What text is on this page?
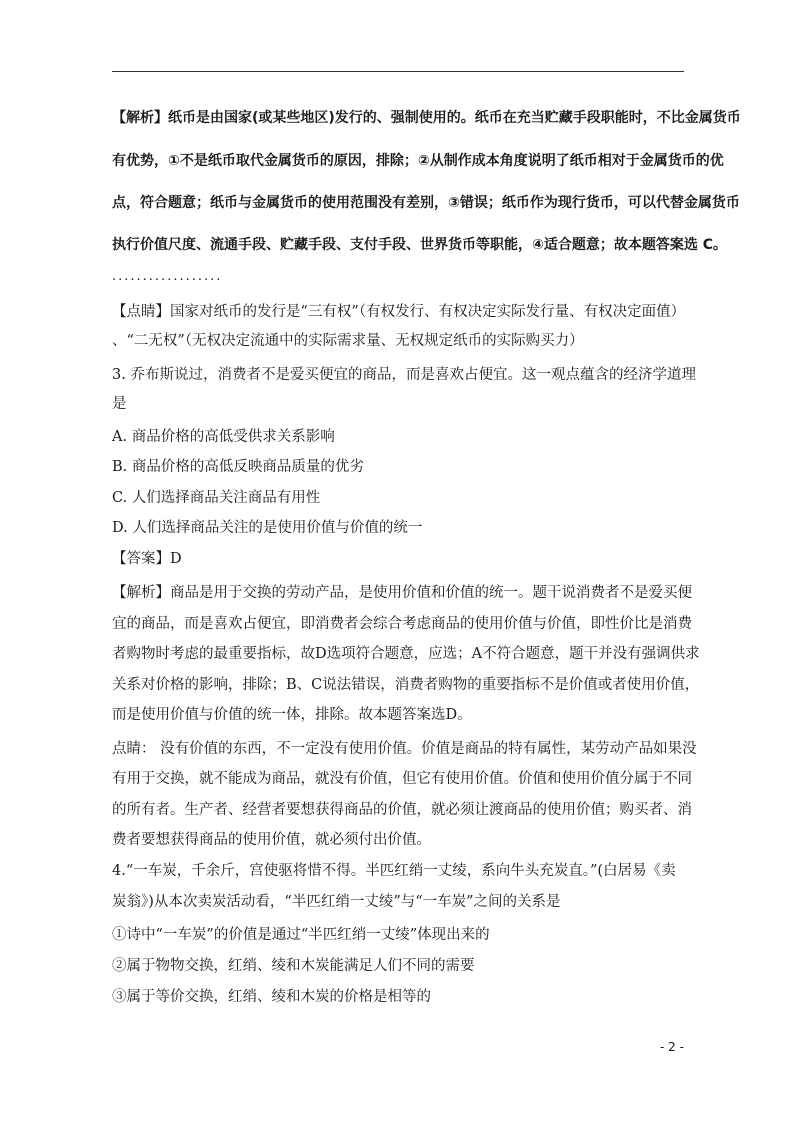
【解析】纸币是由国家(或某些地区)发行的、强制使用的。纸币在充当贮藏手段职能时，不比金属货币
有优势，①不是纸币取代金属货币的原因，排除；②从制作成本角度说明了纸币相对于金属货币的优
点，符合题意；纸币与金属货币的使用范围没有差别，③错误；纸币作为现行货币，可以代替金属货币
执行价值尺度、流通手段、贮藏手段、支付手段、世界货币等职能，④适合题意；故本题答案选 C。
..................
【点睛】国家对纸币的发行是“三有权”（有权发行、有权决定实际发行量、有权决定面值）
、“二无权”（无权决定流通中的实际需求量、无权规定纸币的实际购买力）
3. 乔布斯说过，消费者不是爱买便宜的商品，而是喜欢占便宜。这一观点蕴含的经济学道理
是
A. 商品价格的高低受供求关系影响
B. 商品价格的高低反映商品质量的优劣
C. 人们选择商品关注商品有用性
D. 人们选择商品关注的是使用价值与价值的统一
【答案】D
【解析】商品是用于交换的劳动产品，是使用价值和价值的统一。题干说消费者不是爱买便
宜的商品，而是喜欢占便宜，即消费者会综合考虑商品的使用价值与价值，即性价比是消费
者购物时考虑的最重要指标，故D选项符合题意，应选；A不符合题意，题干并没有强调供求
关系对价格的影响，排除；B、C说法错误，消费者购物的重要指标不是价值或者使用价值，
而是使用价值与价值的统一体，排除。故本题答案选D。
点睛： 没有价值的东西，不一定没有使用价值。价值是商品的特有属性，某劳动产品如果没
有用于交换，就不能成为商品，就没有价值，但它有使用价值。价值和使用价值分属于不同
的所有者。生产者、经营者要想获得商品的价值，就必须让渡商品的使用价值；购买者、消
费者要想获得商品的使用价值，就必须付出价值。
4.“一车炭，千余斤，宫使驱将惜不得。半匹红绡一丈绫，系向牛头充炭直。”(白居易《卖
炭翁》)从本次卖炭活动看，“半匹红绡一丈绫”与“一车炭”之间的关系是
①诗中“一车炭”的价值是通过“半匹红绡一丈绫”体现出来的
②属于物物交换，红绡、绫和木炭能满足人们不同的需要
③属于等价交换，红绡、绫和木炭的价格是相等的
- 2 -
